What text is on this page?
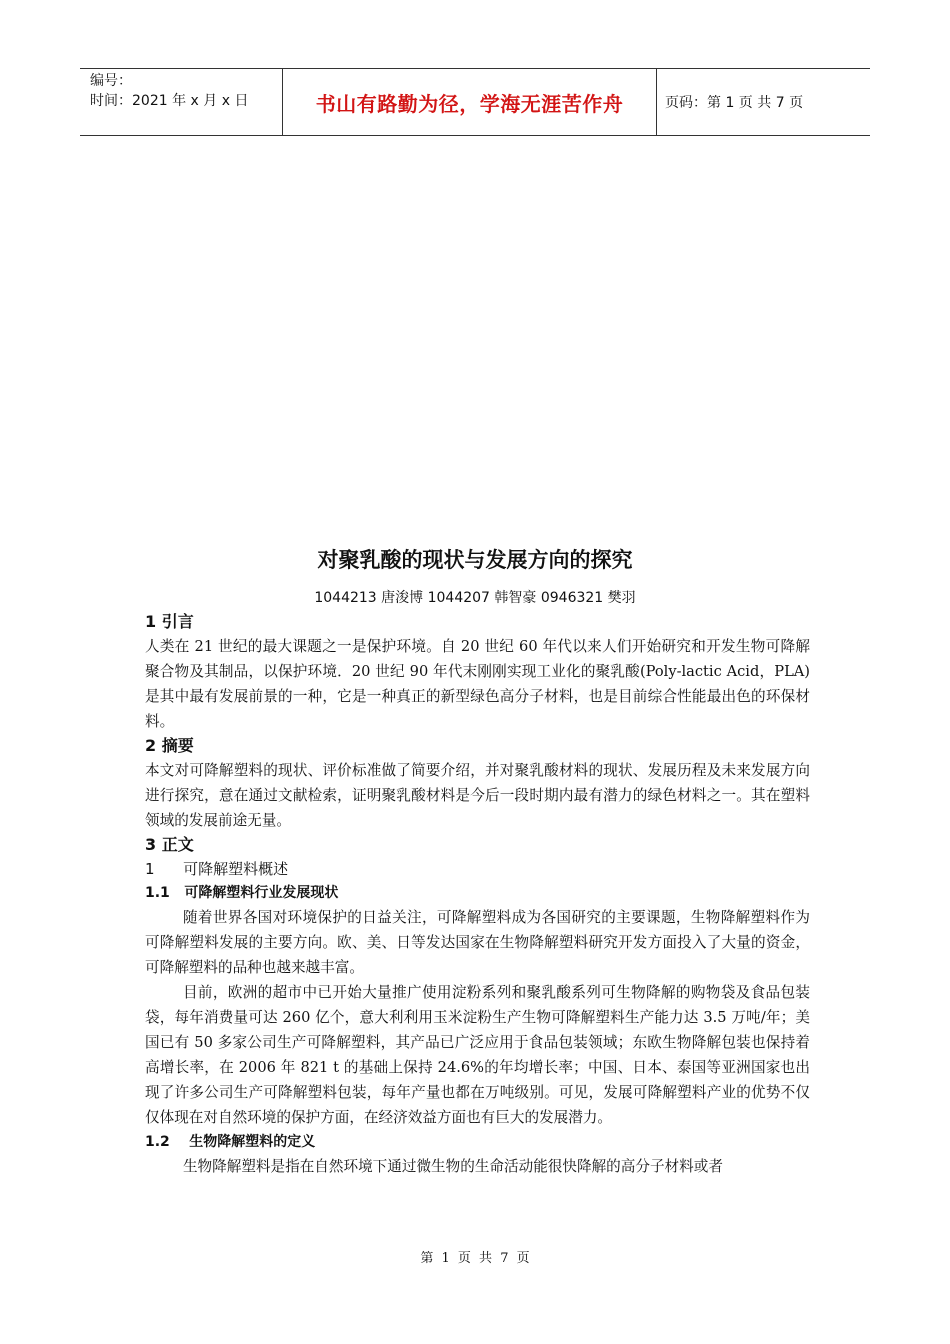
编号：
时间：2021 年 x 月 x 日	书山有路勤为径，学海无涯苦作舟	页码：第 1 页 共 7 页
对聚乳酸的现状与发展方向的探究
1044213 唐浚博 1044207 韩智豪 0946321 樊羽

1 引言

人类在 21 世纪的最大课题之一是保护环境。自 20 世纪 60 年代以来人们开始研究和开发生物可降解聚合物及其制品，以保护环境．20 世纪 90 年代末刚刚实现工业化的聚乳酸(Poly-lactic Acid，PLA)是其中最有发展前景的一种，它是一种真正的新型绿色高分子材料，也是目前综合性能最出色的环保材料。

2 摘要

本文对可降解塑料的现状、评价标准做了简要介绍，并对聚乳酸材料的现状、发展历程及未来发展方向进行探究，意在通过文献检索，证明聚乳酸材料是今后一段时期内最有潜力的绿色材料之一。其在塑料领域的发展前途无量。

3 正文

1      可降解塑料概述

1.1   可降解塑料行业发展现状

随着世界各国对环境保护的日益关注，可降解塑料成为各国研究的主要课题，生物降解塑料作为可降解塑料发展的主要方向。欧、美、日等发达国家在生物降解塑料研究开发方面投入了大量的资金，可降解塑料的品种也越来越丰富。

目前，欧洲的超市中已开始大量推广使用淀粉系列和聚乳酸系列可生物降解的购物袋及食品包装袋，每年消费量可达 260 亿个，意大利利用玉米淀粉生产生物可降解塑料生产能力达 3.5 万吨/年；美国已有 50 多家公司生产可降解塑料，其产品已广泛应用于食品包装领域；东欧生物降解包装也保持着高增长率，在 2006 年 821 t 的基础上保持 24.6%的年均增长率；中国、日本、泰国等亚洲国家也出现了许多公司生产可降解塑料包装，每年产量也都在万吨级别。可见，发展可降解塑料产业的优势不仅仅体现在对自然环境的保护方面，在经济效益方面也有巨大的发展潜力。

1.2    生物降解塑料的定义

生物降解塑料是指在自然环境下通过微生物的生命活动能很快降解的高分子材料或者

第 1 页 共 7 页
